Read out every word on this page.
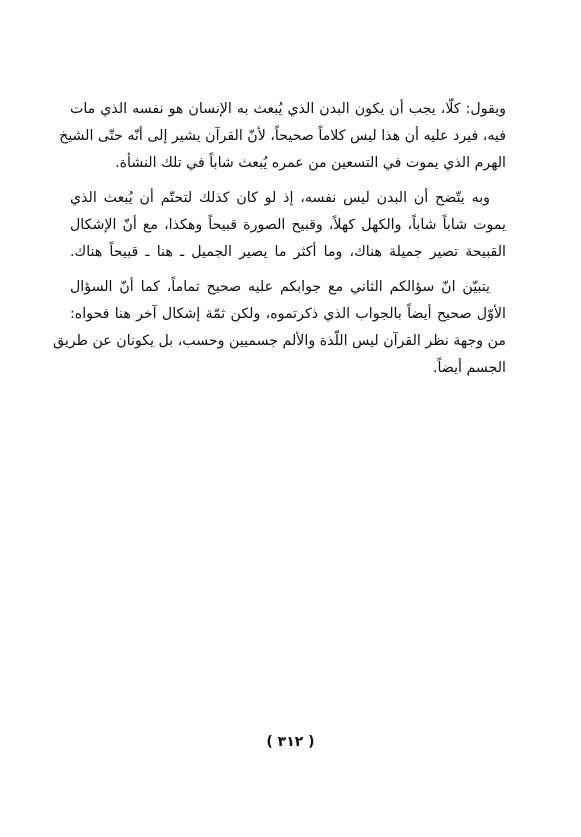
ويقول: كلّا، يجب أن يكون البدن الذي يُبعث به الإنسان هو نفسه الذي مات
فيه، فيرد عليه أن هذا ليس كلاماً صحيحاً، لأنّ القرآن يشير إلى أنّه حتّى الشيخ
الهرم الذي يموت في التسعين من عمره يُبعث شاباً في تلك النشأة.

وبه يتّضح أن البدن ليس نفسه، إذ لو كان كذلك لتحتّم أن يُبعث الذي
يموت شاباً شاباً، والكهل كهلاً، وقبيح الصورة قبيحاً وهكذا، مع أنّ الإشكال
القبيحة تصير جميلة هناك، وما أكثر ما يصير الجميل ـ هنا ـ قبيحاً هناك.

يتبيّن انّ سؤالكم الثاني مع جوابكم عليه صحيح تماماً، كما أنّ السؤال
الأوّل صحيح أيضاً بالجواب الذي ذكرتموه، ولكن ثمّة إشكال آخر هنا فحواه:
من وجهة نظر القرآن ليس اللّذة والألم جسميين وحسب، بل يكونان عن طريق
الجسم أيضاً.

( ٣١٢ )
